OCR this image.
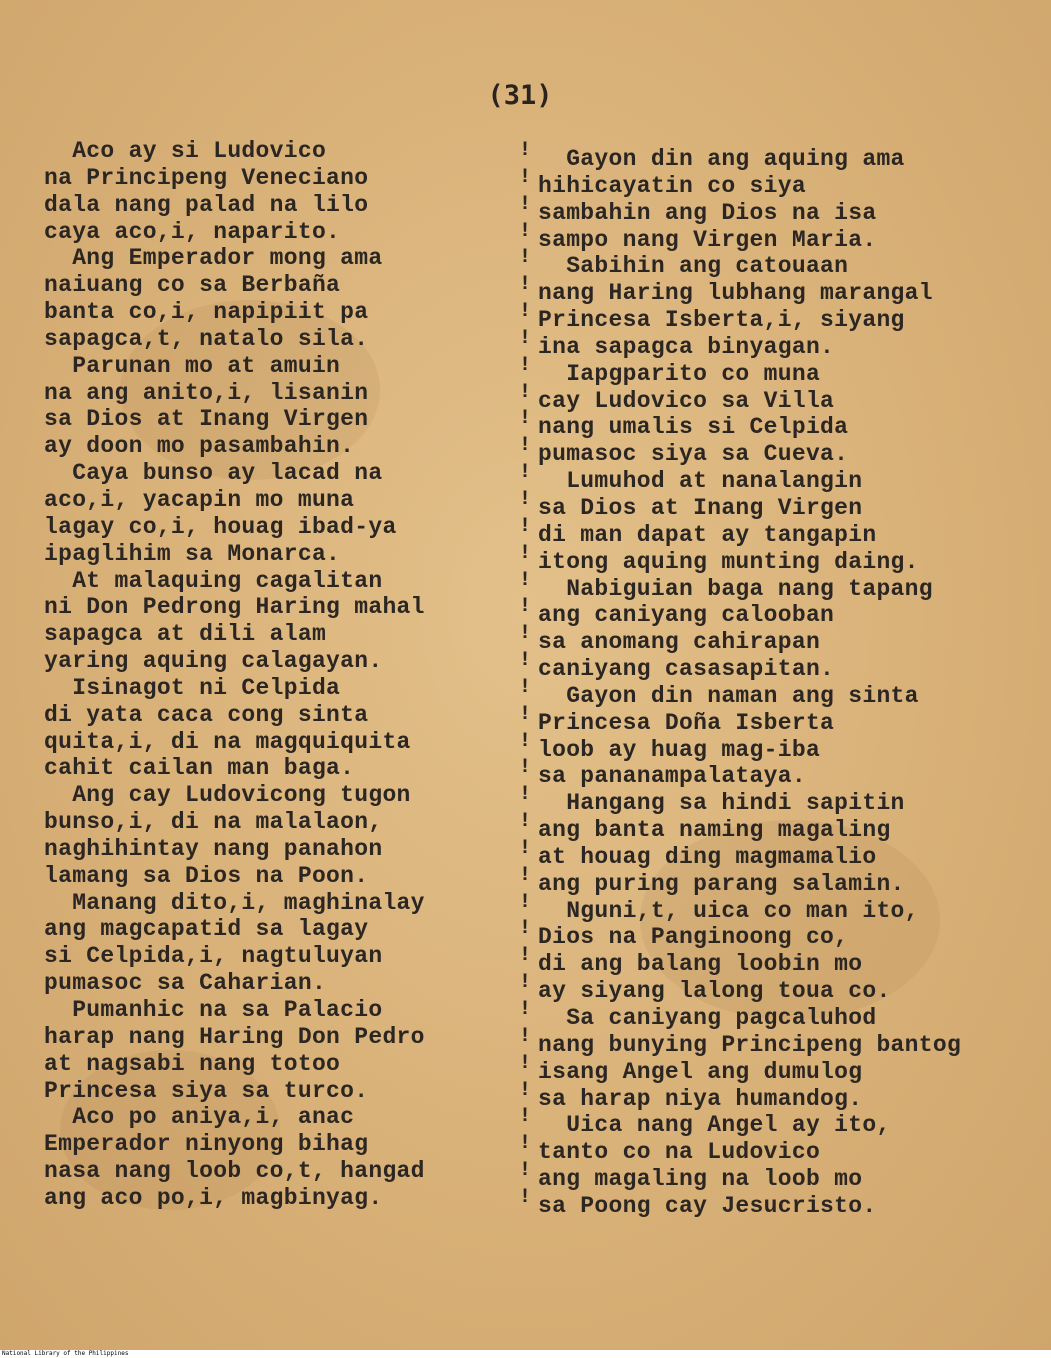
(31)
Aco ay si Ludovico
na Principeng Veneciano
dala nang palad na lilo
caya aco,i, naparito.
Ang Emperador mong ama
naiuang co sa Berbaña
banta co,i, napipiit pa
sapagca,t, natalo sila.
Parunan mo at amuin
na ang anito,i, lisanin
sa Dios at Inang Virgen
ay doon mo pasambahin.
Caya bunso ay lacad na
aco,i, yacapin mo muna
lagay co,i, houag ibad-ya
ipaglihim sa Monarca.
At malaquing cagalitan
ni Don Pedrong Haring mahal
sapagca at dili alam
yaring aquing calagayan.
Isinagot ni Celpida
di yata caca cong sinta
quita,i, di na magquiquita
cahit cailan man baga.
Ang cay Ludovicong tugon
bunso,i, di na malalaon,
naghihintay nang panahon
lamang sa Dios na Poon.
Manang dito,i, maghinalay
ang magcapatid sa lagay
si Celpida,i, nagtuluyan
pumasoc sa Caharian.
Pumanhic na sa Palacio
harap nang Haring Don Pedro
at nagsabi nang totoo
Princesa siya sa turco.
Aco po aniya,i, anac
Emperador ninyong bihag
nasa nang loob co,t, hangad
ang aco po,i, magbinyag.
!
!
!
!
!
!
!
!
!
!
!
!
!
!
!
!
!
!
!
!
!
!
!
!
!
!
!
!
!
!
!
!
!
!
!
!
!
!
!
!
Gayon din ang aquing ama
hihicayatin co siya
sambahin ang Dios na isa
sampo nang Virgen Maria.
Sabihin ang catouaan
nang Haring lubhang marangal
Princesa Isberta,i, siyang
ina sapagca binyagan.
Iapgparito co muna
cay Ludovico sa Villa
nang umalis si Celpida
pumasoc siya sa Cueva.
Lumuhod at nanalangin
sa Dios at Inang Virgen
di man dapat ay tangapin
itong aquing munting daing.
Nabiguian baga nang tapang
ang caniyang calooban
sa anomang cahirapan
caniyang casasapitan.
Gayon din naman ang sinta
Princesa Doña Isberta
loob ay huag mag-iba
sa pananampalataya.
Hangang sa hindi sapitin
ang banta naming magaling
at houag ding magmamalio
ang puring parang salamin.
Nguni,t, uica co man ito,
Dios na Panginoong co,
di ang balang loobin mo
ay siyang lalong toua co.
Sa caniyang pagcaluhod
nang bunying Principeng bantog
isang Angel ang dumulog
sa harap niya humandog.
Uica nang Angel ay ito,
tanto co na Ludovico
ang magaling na loob mo
sa Poong cay Jesucristo.
National Library of the Philippines
